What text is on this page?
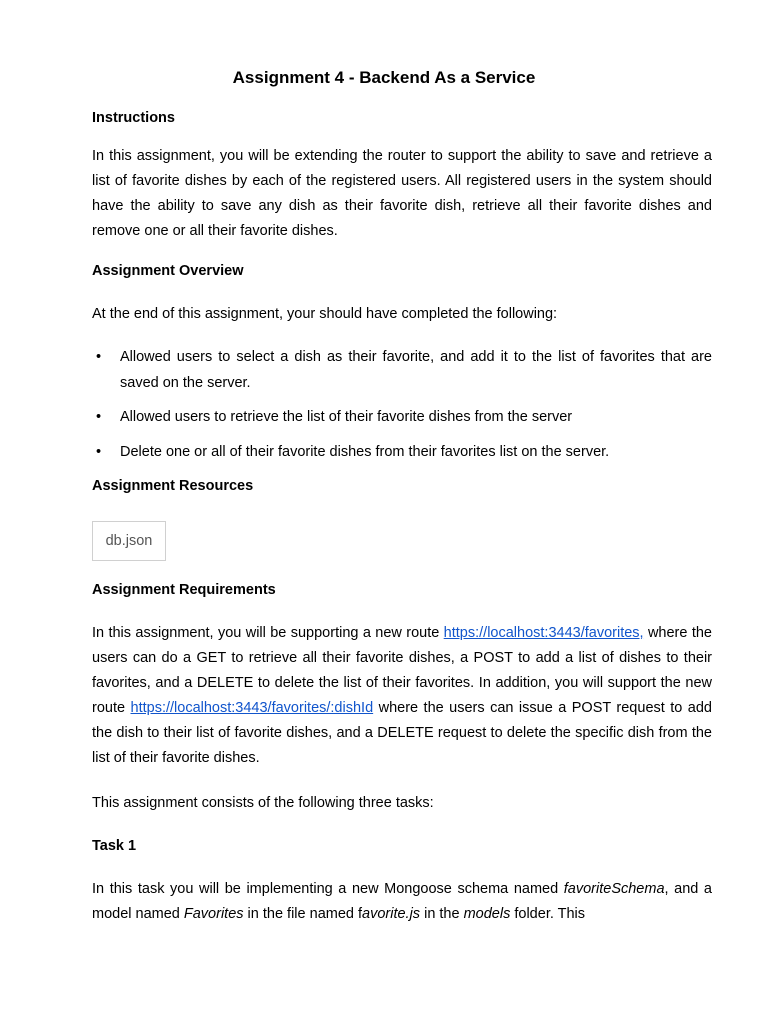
Assignment 4 - Backend As a Service
Instructions
In this assignment, you will be extending the router to support the ability to save and retrieve a list of favorite dishes by each of the registered users. All registered users in the system should have the ability to save any dish as their favorite dish, retrieve all their favorite dishes and remove one or all their favorite dishes.
Assignment Overview
At the end of this assignment, your should have completed the following:
• Allowed users to select a dish as their favorite, and add it to the list of favorites that are saved on the server.
• Allowed users to retrieve the list of their favorite dishes from the server
• Delete one or all of their favorite dishes from their favorites list on the server.
Assignment Resources
db.json
Assignment Requirements
In this assignment, you will be supporting a new route https://localhost:3443/favorites, where the users can do a GET to retrieve all their favorite dishes, a POST to add a list of dishes to their favorites, and a DELETE to delete the list of their favorites. In addition, you will support the new route https://localhost:3443/favorites/:dishId where the users can issue a POST request to add the dish to their list of favorite dishes, and a DELETE request to delete the specific dish from the list of their favorite dishes.
This assignment consists of the following three tasks:
Task 1
In this task you will be implementing a new Mongoose schema named favoriteSchema, and a model named Favorites in the file named favorite.js in the models folder. This
